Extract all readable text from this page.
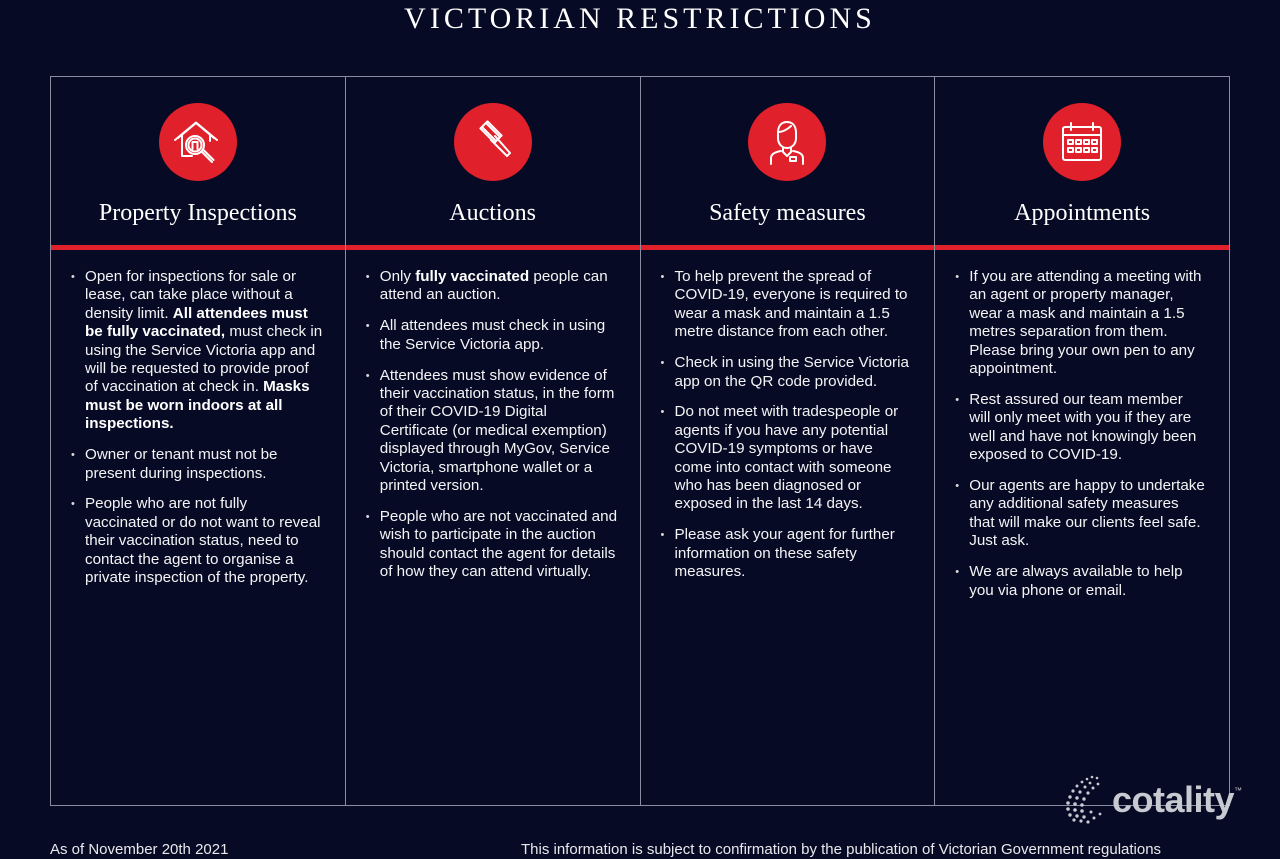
VICTORIAN RESTRICTIONS
Property Inspections
• Open for inspections for sale or lease, can take place without a density limit. All attendees must be fully vaccinated, must check in using the Service Victoria app and will be requested to provide proof of vaccination at check in. Masks must be worn indoors at all inspections.
• Owner or tenant must not be present during inspections.
• People who are not fully vaccinated or do not want to reveal their vaccination status, need to contact the agent to organise a private inspection of the property.
Auctions
• Only fully vaccinated people can attend an auction.
• All attendees must check in using the Service Victoria app.
• Attendees must show evidence of their vaccination status, in the form of their COVID-19 Digital Certificate (or medical exemption) displayed through MyGov, Service Victoria, smartphone wallet or a printed version.
• People who are not vaccinated and wish to participate in the auction should contact the agent for details of how they can attend virtually.
Safety measures
• To help prevent the spread of COVID-19, everyone is required to wear a mask and maintain a 1.5 metre distance from each other.
• Check in using the Service Victoria app on the QR code provided.
• Do not meet with tradespeople or agents if you have any potential COVID-19 symptoms or have come into contact with someone who has been diagnosed or exposed in the last 14 days.
• Please ask your agent for further information on these safety measures.
Appointments
• If you are attending a meeting with an agent or property manager, wear a mask and maintain a 1.5 metres separation from them. Please bring your own pen to any appointment.
• Rest assured our team member will only meet with you if they are well and have not knowingly been exposed to COVID-19.
• Our agents are happy to undertake any additional safety measures that will make our clients feel safe. Just ask.
• We are always available to help you via phone or email.
cotality ™
As of November 20th 2021	This information is subject to confirmation by the publication of Victorian Government regulations
